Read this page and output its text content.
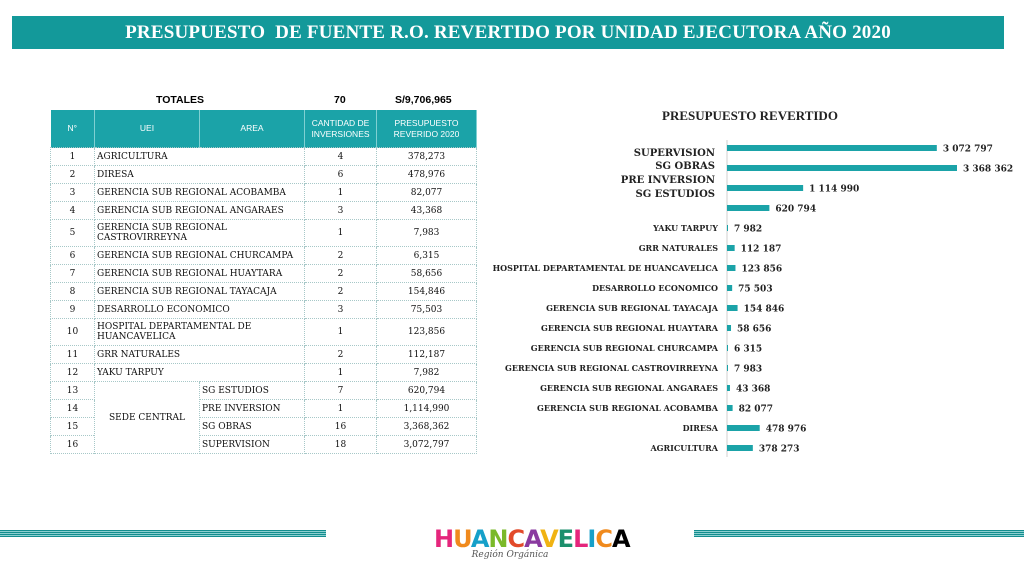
PRESUPUESTO  DE FUENTE R.O. REVERTIDO POR UNIDAD EJECUTORA AÑO 2020
TOTALES	70	S/9,706,965
N°	UEI	AREA	CANTIDAD DE INVERSIONES	PRESUPUESTO REVERIDO 2020
1	AGRICULTURA		4	378,273
2	DIRESA		6	478,976
3	GERENCIA SUB REGIONAL ACOBAMBA		1	82,077
4	GERENCIA SUB REGIONAL ANGARAES		3	43,368
5	GERENCIA SUB REGIONAL CASTROVIRREYNA		1	7,983
6	GERENCIA SUB REGIONAL CHURCAMPA		2	6,315
7	GERENCIA SUB REGIONAL HUAYTARA		2	58,656
8	GERENCIA SUB REGIONAL TAYACAJA		2	154,846
9	DESARROLLO ECONOMICO		3	75,503
10	HOSPITAL DEPARTAMENTAL DE HUANCAVELICA		1	123,856
11	GRR NATURALES		2	112,187
12	YAKU TARPUY		1	7,982
13	SEDE CENTRAL	SG ESTUDIOS	7	620,794
14		PRE INVERSION	1	1,114,990
15		SG OBRAS	16	3,368,362
16		SUPERVISION	18	3,072,797
PRESUPUESTO REVERTIDO
3 072 797
SUPERVISION
3 368 362
SG OBRAS
1 114 990
PRE INVERSION
620 794
SG ESTUDIOS
7 982
YAKU TARPUY
112 187
GRR NATURALES
123 856
HOSPITAL DEPARTAMENTAL DE HUANCAVELICA
75 503
DESARROLLO ECONOMICO
154 846
GERENCIA SUB REGIONAL TAYACAJA
58 656
GERENCIA SUB REGIONAL HUAYTARA
6 315
GERENCIA SUB REGIONAL CHURCAMPA
7 983
GERENCIA SUB REGIONAL CASTROVIRREYNA
43 368
GERENCIA SUB REGIONAL ANGARAES
82 077
GERENCIA SUB REGIONAL ACOBAMBA
478 976
DIRESA
378 273
AGRICULTURA
HUANCAVELICA
Región Orgánica
